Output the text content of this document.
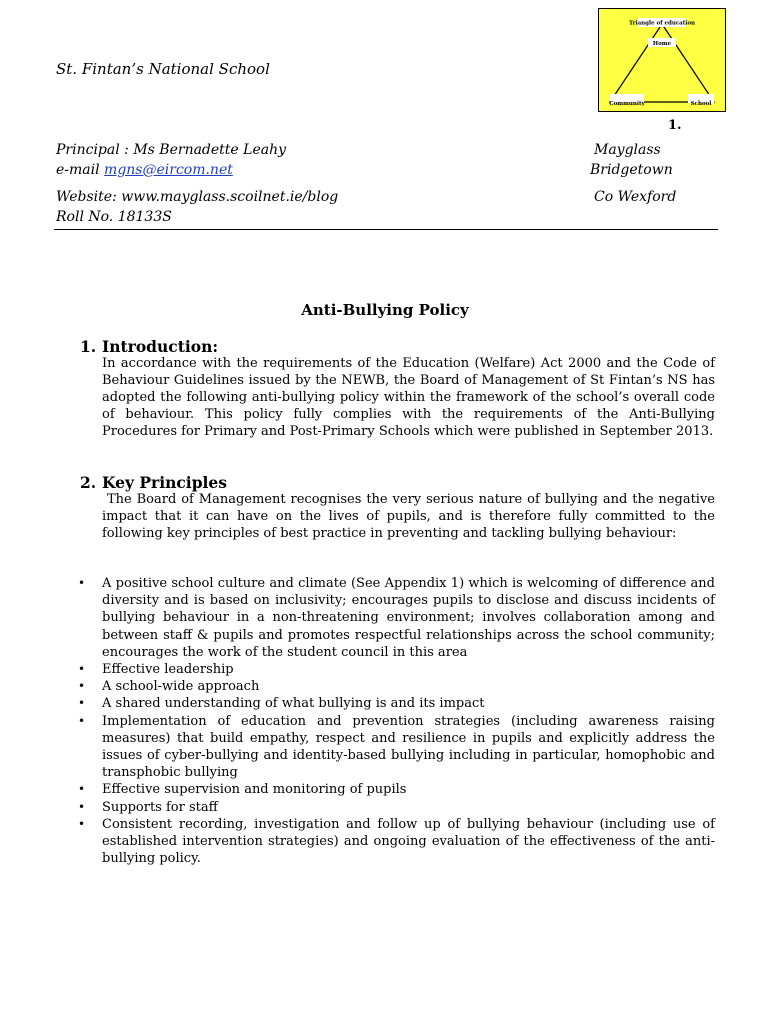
St. Fintan’s National School
Triangle of education
Home
Community	School
1.
Principal : Ms Bernadette Leahy
e-mail mgns@eircom.net
Website: www.mayglass.scoilnet.ie/blog
Roll No. 18133S
Mayglass
Bridgetown
Co Wexford
Anti-Bullying Policy
1. Introduction:
In accordance with the requirements of the Education (Welfare) Act 2000 and the Code of Behaviour Guidelines issued by the NEWB, the Board of Management of St Fintan’s NS has adopted the following anti-bullying policy within the framework of the school’s overall code of behaviour. This policy fully complies with the requirements of the Anti-Bullying Procedures for Primary and Post-Primary Schools which were published in September 2013.
2. Key Principles
The Board of Management recognises the very serious nature of bullying and the negative impact that it can have on the lives of pupils, and is therefore fully committed to the following key principles of best practice in preventing and tackling bullying behaviour:
• A positive school culture and climate (See Appendix 1) which is welcoming of difference and diversity and is based on inclusivity; encourages pupils to disclose and discuss incidents of bullying behaviour in a non-threatening environment; involves collaboration among and between staff & pupils and promotes respectful relationships across the school community; encourages the work of the student council in this area
• Effective leadership
• A school-wide approach
• A shared understanding of what bullying is and its impact
• Implementation of education and prevention strategies (including awareness raising measures) that build empathy, respect and resilience in pupils and explicitly address the issues of cyber-bullying and identity-based bullying including in particular, homophobic and transphobic bullying
• Effective supervision and monitoring of pupils
• Supports for staff
• Consistent recording, investigation and follow up of bullying behaviour (including use of established intervention strategies) and ongoing evaluation of the effectiveness of the anti-bullying policy.
